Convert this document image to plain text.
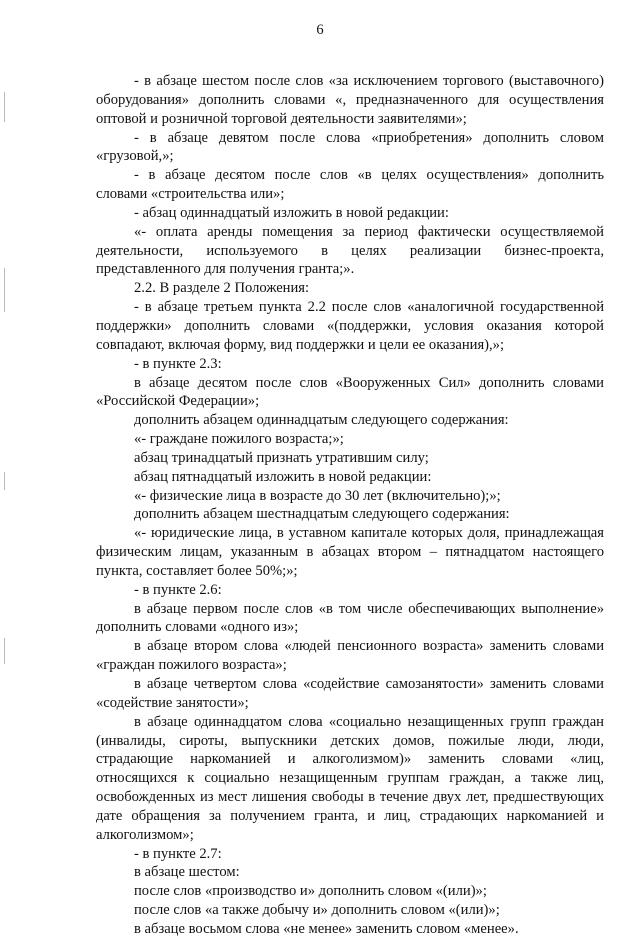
6

- в абзаце шестом после слов «за исключением торгового (выставочного) оборудования» дополнить словами «, предназначенного для осуществления оптовой и розничной торговой деятельности заявителями»;

- в абзаце девятом после слова «приобретения» дополнить словом «грузовой,»;

- в абзаце десятом после слов «в целях осуществления» дополнить словами «строительства или»;

- абзац одиннадцатый изложить в новой редакции:

«- оплата аренды помещения за период фактически осуществляемой деятельности, используемого в целях реализации бизнес-проекта, представленного для получения гранта;».

2.2. В разделе 2 Положения:

- в абзаце третьем пункта 2.2 после слов «аналогичной государственной поддержки» дополнить словами «(поддержки, условия оказания которой совпадают, включая форму, вид поддержки и цели ее оказания),»;

- в пункте 2.3:

в абзаце десятом после слов «Вооруженных Сил» дополнить словами «Российской Федерации»;

дополнить абзацем одиннадцатым следующего содержания:

«- граждане пожилого возраста;»;

абзац тринадцатый признать утратившим силу;

абзац пятнадцатый изложить в новой редакции:

«- физические лица в возрасте до 30 лет (включительно);»;

дополнить абзацем шестнадцатым следующего содержания:

«- юридические лица, в уставном капитале которых доля, принадлежащая физическим лицам, указанным в абзацах втором – пятнадцатом настоящего пункта, составляет более 50%;»;

- в пункте 2.6:

в абзаце первом после слов «в том числе обеспечивающих выполнение» дополнить словами «одного из»;

в абзаце втором слова «людей пенсионного возраста» заменить словами «граждан пожилого возраста»;

в абзаце четвертом слова «содействие самозанятости» заменить словами «содействие занятости»;

в абзаце одиннадцатом слова «социально незащищенных групп граждан (инвалиды, сироты, выпускники детских домов, пожилые люди, люди, страдающие наркоманией и алкоголизмом)» заменить словами «лиц, относящихся к социально незащищенным группам граждан, а также лиц, освобожденных из мест лишения свободы в течение двух лет, предшествующих дате обращения за получением гранта, и лиц, страдающих наркоманией и алкоголизмом»;

- в пункте 2.7:

в абзаце шестом:

после слов «производство и» дополнить словом «(или)»;

после слов «а также добычу и» дополнить словом «(или)»;

в абзаце восьмом слова «не менее» заменить словом «менее».
